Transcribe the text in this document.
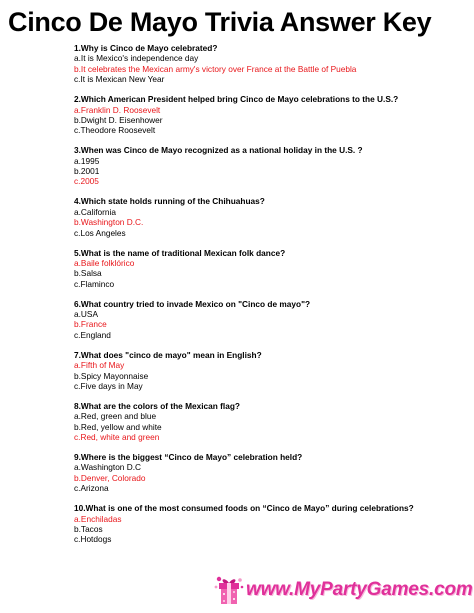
Cinco De Mayo Trivia Answer Key
1.Why is Cinco de Mayo celebrated?
a.It is Mexico's independence day
b.It celebrates the Mexican army's victory over France at the Battle of Puebla
c.It is Mexican New Year
2.Which American President helped bring Cinco de Mayo celebrations to the U.S.?
a.Franklin D. Roosevelt
b.Dwight D. Eisenhower
c.Theodore Roosevelt
3.When was Cinco de Mayo recognized as a national holiday in the U.S. ?
a.1995
b.2001
c.2005
4.Which state holds running of the Chihuahuas?
a.California
b.Washington D.C.
c.Los Angeles
5.What is the name of traditional Mexican folk dance?
a.Baile folklórico
b.Salsa
c.Flaminco
6.What country tried to invade Mexico on "Cinco de mayo"?
a.USA
b.France
c.England
7.What does "cinco de mayo" mean in English?
a.Fifth of May
b.Spicy Mayonnaise
c.Five days in May
8.What are the colors of the Mexican flag?
a.Red, green and blue
b.Red, yellow and white
c.Red, white and green
9.Where is the biggest “Cinco de Mayo” celebration held?
a.Washington D.C
b.Denver, Colorado
c.Arizona
10.What is one of the most consumed foods on “Cinco de Mayo” during celebrations?
a.Enchiladas
b.Tacos
c.Hotdogs
www.MyPartyGames.com
